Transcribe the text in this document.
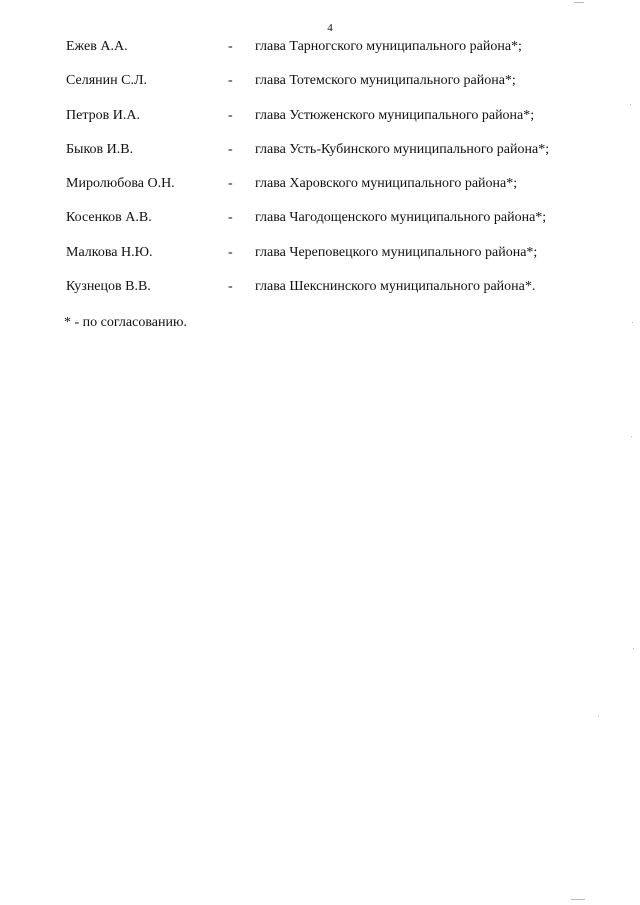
4
Ежев А.А.	- глава Тарногского муниципального района*;
Селянин С.Л.	- глава Тотемского муниципального района*;
Петров И.А.	- глава Устюженского муниципального района*;
Быков И.В.	- глава Усть-Кубинского муниципального района*;
Миролюбова О.Н.	- глава Харовского муниципального района*;
Косенков А.В.	- глава Чагодощенского муниципального района*;
Малкова Н.Ю.	- глава Череповецкого муниципального района*;
Кузнецов В.В.	- глава Шекснинского муниципального района*.
* - по согласованию.
